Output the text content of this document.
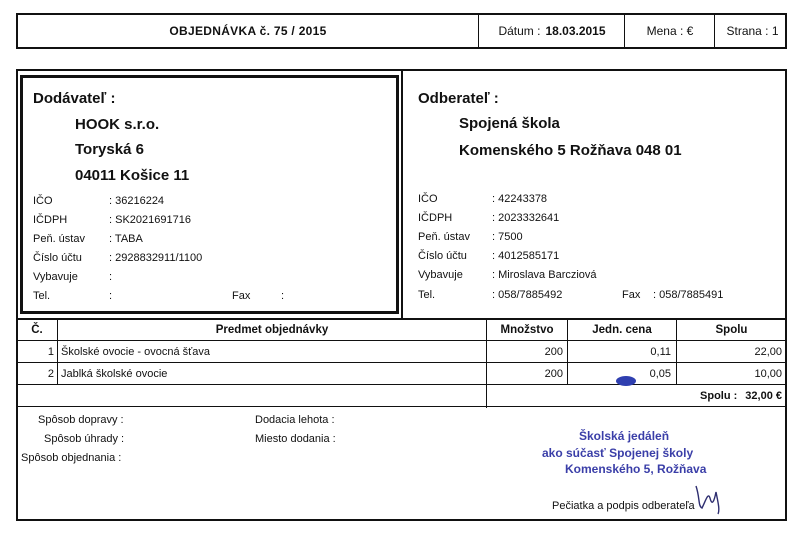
OBJEDNÁVKA č. 75 / 2015	Dátum : 18.03.2015	Mena : €	Strana : 1
Dodávateľ :
HOOK s.r.o.
Toryská 6
04011 Košice 11
IČO	: 36216224
IČDPH	: SK2021691716
Peň. ústav : TABA
Číslo účtu : 2928832911/1100
Vybavuje	:
Tel.	:	Fax	:
Odberateľ :
Spojená škola
Komenského 5 Rožňava 048 01
IČO	: 42243378
IČDPH	: 2023332641
Peň. ústav : 7500
Číslo účtu : 4012585171
Vybavuje	: Miroslava Barcziová
Tel.	: 058/7885492	Fax : 058/7885491
Č.	Predmet objednávky	Množstvo	Jedn. cena	Spolu
1 Školské ovocie - ovocná šťava	200	0,11	22,00
2 Jablká školské ovocie	200	0,05	10,00
Spolu : 32,00 €
Spôsob dopravy :
Spôsob úhrady :
Spôsob objednania :
Dodacia lehota :
Miesto dodania :	Školská jedáleň
ako súčasť Spojenej školy
Komenského 5, Rožňava
Pečiatka a podpis odberateľa
